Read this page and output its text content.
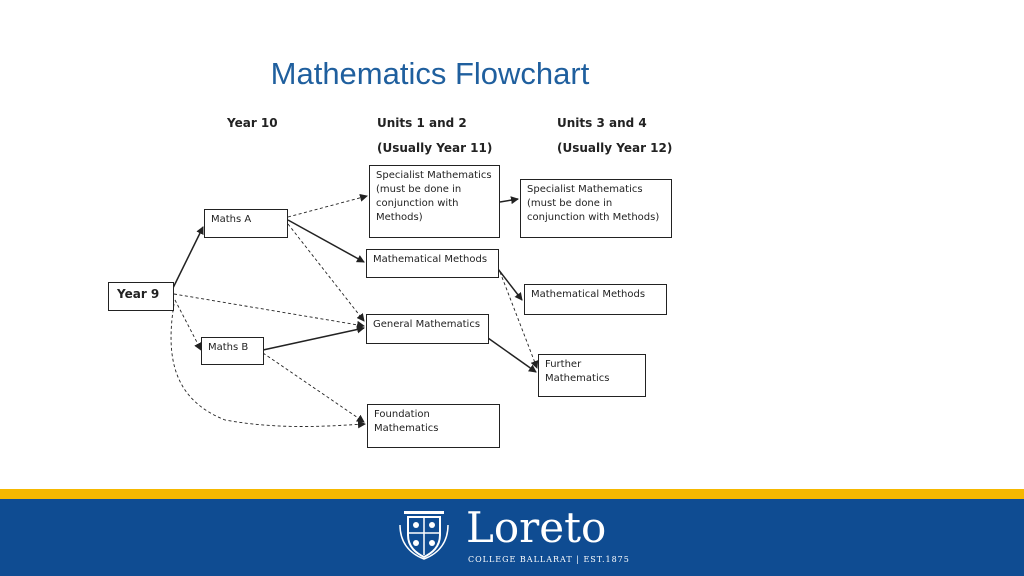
Mathematics Flowchart
Year 10	Units 1 and 2
(Usually Year 11)
Units 3 and 4
(Usually Year 12)
Year 9
Maths A
Maths B
Specialist Mathematics
(must be done in
conjunction with
Methods)
Mathematical Methods
General Mathematics
Foundation
Mathematics
Specialist Mathematics
(must be done in
conjunction with Methods)
Mathematical Methods
Further
Mathematics
Loreto
COLLEGE BALLARAT | EST.1875
